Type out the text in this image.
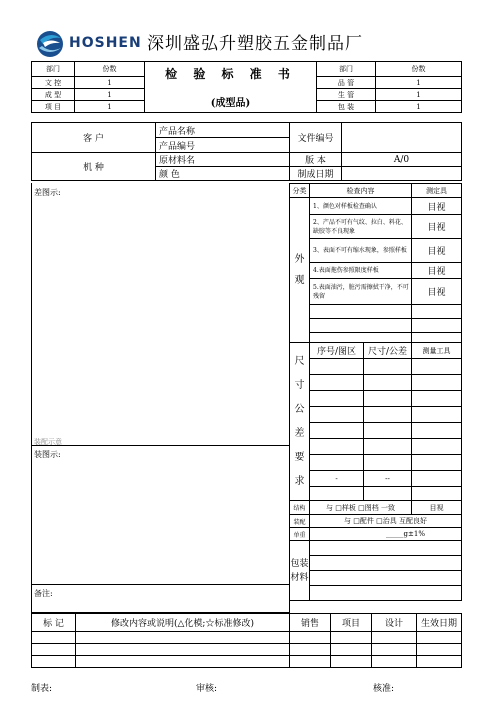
HOSHEN 深圳盛弘升塑胶五金制品厂
部门	份数	检 验 标 准 书
(成型品)	部门	份数
文 控	1		品 管	1
成 型	1		生 管	1
项 目	1		包 装	1
客 户	产品名称	文件编号	
	产品编号		
机 种	原材料名	版 本	A/0
	颜 色	制成日期	
差图示:
装配示意
装图示:
备注:
分类	检查内容		测定具
外观	1、颜色对样板检查确认		目视
	2、产品不可有气纹、拉白、料花、缺胶等不良现象		目视
	3、表面不可有缩水现象，参照样板		目视
	4.表面拖伤参照限度样板		目视
	5.表面油污，脏污需擦拭干净，不可残留		目视

尺寸公差要求	序号/图区	尺寸/公差	测量工具

	-	--	

结构	与 □样板 □图档 一致		目视
装配	与 □配件 □治具 互配良好		
单重	_____g±1%		
包装材料			

标 记	修改内容或说明(△化模;☆标准修改)	销售	项目	设计	生效日期

制表:	审核:	核准:
